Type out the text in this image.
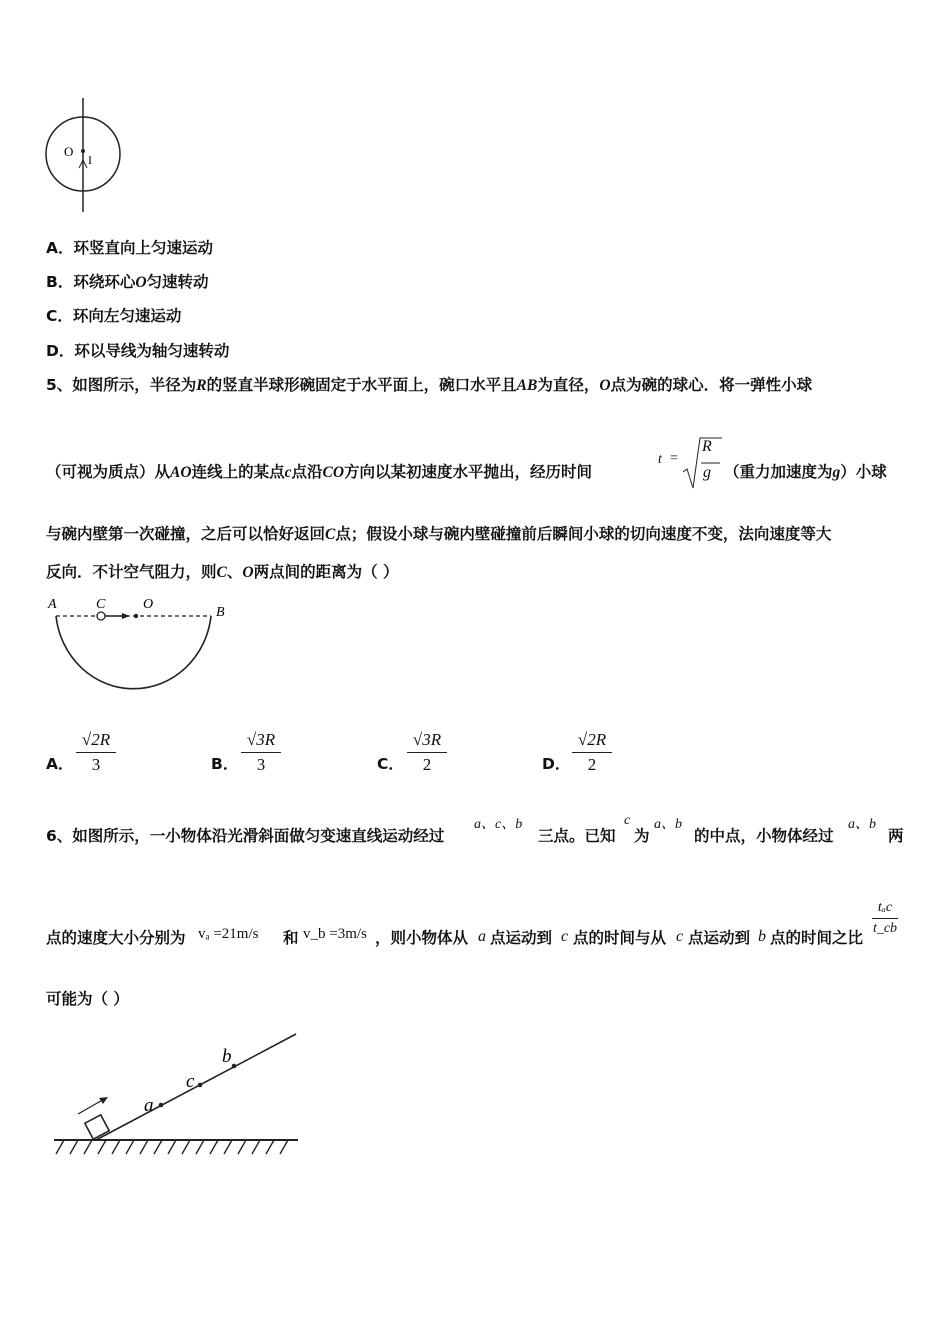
O
I
A．环竖直向上匀速运动
B．环绕环心O匀速转动
C．环向左匀速运动
D．环以导线为轴匀速转动
5、如图所示，半径为R的竖直半球形碗固定于水平面上，碗口水平且AB为直径，O点为碗的球心．将一弹性小球
（可视为质点）从AO连线上的某点c点沿CO方向以某初速度水平抛出，经历时间
t =
R
g （重力加速度为g）小球
与碗内壁第一次碰撞，之后可以恰好返回C点；假设小球与碗内壁碰撞前后瞬间小球的切向速度不变，法向速度等大
反向．不计空气阻力，则C、O两点间的距离为（ ）
A	C	O
B
A．
√2R
3	B．
√3R
3	C．
√3R
2	D．
√2R
2
6、如图所示，一小物体沿光滑斜面做匀变速直线运动经过
a、c、b
三点。已知
c
为
a、b
的中点，小物体经过
a、b
两
点的速度大小分别为 vₐ =21m/s 和 v_b =3m/s ，则小物体从 a 点运动到 c 点的时间与从 c 点运动到 b 点的时间之比
tₐc
t_cb
可能为（ ）
a
c
b
